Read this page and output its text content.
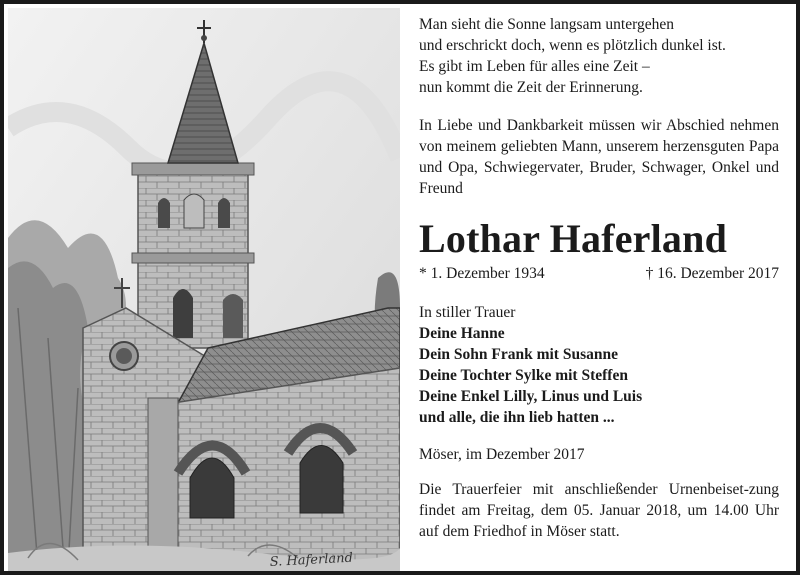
S. Haferland

Man sieht die Sonne langsam untergehen
und erschrickt doch, wenn es plötzlich dunkel ist.
Es gibt im Leben für alles eine Zeit –
nun kommt die Zeit der Erinnerung.

In Liebe und Dankbarkeit müssen wir Abschied nehmen von meinem geliebten Mann, unserem herzensguten Papa und Opa, Schwiegervater, Bruder, Schwager, Onkel und Freund

Lothar Haferland

* 1. Dezember 1934	† 16. Dezember 2017

In stiller Trauer
Deine Hanne
Dein Sohn Frank mit Susanne
Deine Tochter Sylke mit Steffen
Deine Enkel Lilly, Linus und Luis
und alle, die ihn lieb hatten ...

Möser, im Dezember 2017

Die Trauerfeier mit anschließender Urnenbeiset-zung findet am Freitag, dem 05. Januar 2018, um 14.00 Uhr auf dem Friedhof in Möser statt.
